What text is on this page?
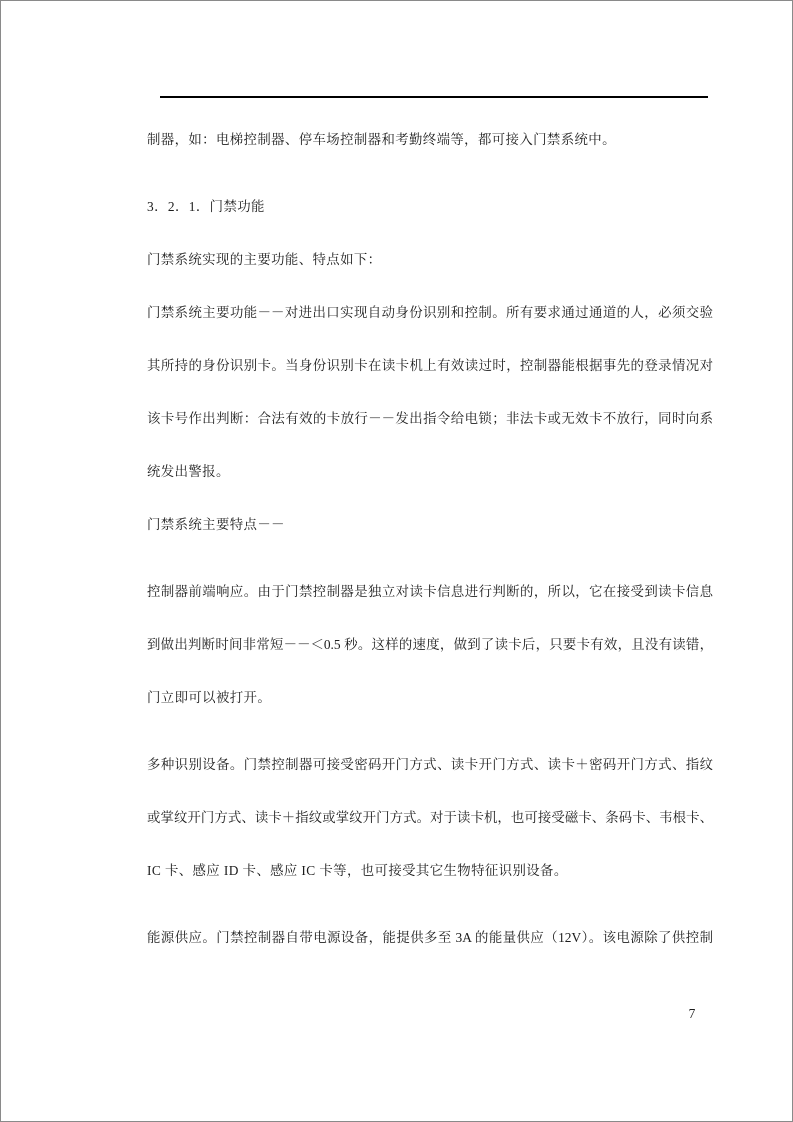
制器，如：电梯控制器、停车场控制器和考勤终端等，都可接入门禁系统中。
3．2．1．门禁功能
门禁系统实现的主要功能、特点如下：
门禁系统主要功能－－对进出口实现自动身份识别和控制。所有要求通过通道的人，必须交验
其所持的身份识别卡。当身份识别卡在读卡机上有效读过时，控制器能根据事先的登录情况对
该卡号作出判断：合法有效的卡放行－－发出指令给电锁；非法卡或无效卡不放行，同时向系
统发出警报。
门禁系统主要特点－－
控制器前端响应。由于门禁控制器是独立对读卡信息进行判断的，所以，它在接受到读卡信息
到做出判断时间非常短－－＜0.5 秒。这样的速度，做到了读卡后，只要卡有效，且没有读错，
门立即可以被打开。
多种识别设备。门禁控制器可接受密码开门方式、读卡开门方式、读卡＋密码开门方式、指纹
或掌纹开门方式、读卡＋指纹或掌纹开门方式。对于读卡机，也可接受磁卡、条码卡、韦根卡、
IC 卡、感应 ID 卡、感应 IC 卡等，也可接受其它生物特征识别设备。
能源供应。门禁控制器自带电源设备，能提供多至 3A 的能量供应（12V）。该电源除了供控制
7
